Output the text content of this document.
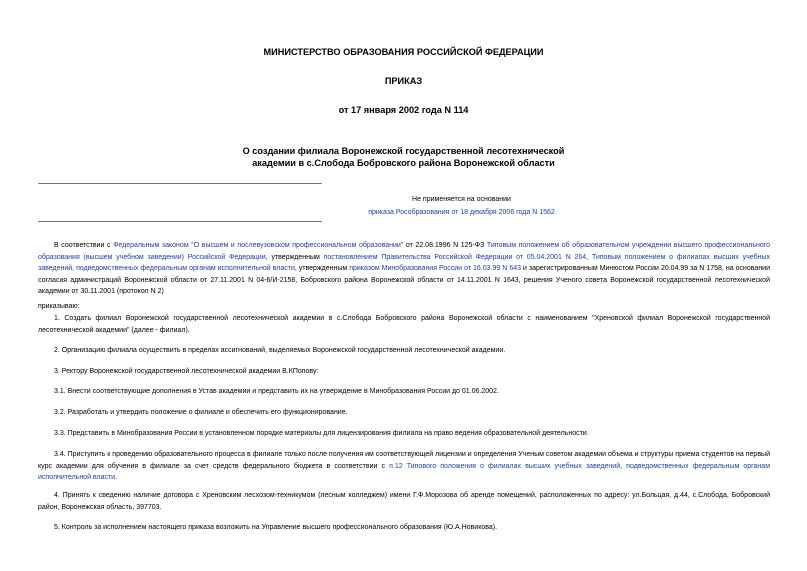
МИНИСТЕРСТВО ОБРАЗОВАНИЯ РОССИЙСКОЙ ФЕДЕРАЦИИ
ПРИКАЗ
от 17 января 2002 года N 114
О создании филиала Воронежской государственной лесотехнической
академии в с.Слобода Бобровского района Воронежской области
Не применяется на основании
приказа Рособразования от 18 декабря 2006 года N 1562
В соответствии с Федеральным законом "О высшем и послевузовском профессиональном образовании" от 22.08.1996 N 125-ФЗ Типовым положением об образовательном учреждении высшего профессионального образования (высшем учебном заведении) Российской Федерации, утвержденным постановлением Правительства Российской Федерации от 05.04.2001 N 264, Типовым положением о филиалах высших учебных заведений, подведомственных федеральным органам исполнительной власти, утвержденным приказом Минобразования России от 16.03.99 N 643 и зарегистрированным Минюстом России 20.04.99 за N 1758, на основании согласия администраций Воронежской области от 27.11.2001 N 04-6/И-2158, Бобровского района Воронежской области от 14.11.2001 N 1643, решения Ученого совета Воронежской государственной лесотехнической академии от 30.11.2001 (протокол N 2)
приказываю:
1. Создать филиал Воронежской государственной лесотехнической академии в с.Слобода Бобровского района Воронежской области с наименованием "Хреновской филиал Воронежской государственной лесотехнической академии" (далее - филиал).
2. Организацию филиала осуществить в пределах ассигнований, выделяемых Воронежской государственной лесотехнической академии.
3. Ректору Воронежской государственной лесотехнической академии В.КПопову:
3.1. Внести соответствующие дополнения в Устав академии и представить их на утверждение в Минобразования России до 01.06.2002.
3.2. Разработать и утвердить положение о филиале и обеспечить его функционирование.
3.3. Представить в Минобразования России в установленном порядке материалы для лицензирования филиала на право ведения образовательной деятельности.
3.4. Приступить к проведению образовательного процесса в филиале только после получения им соответствующей лицензии и определения Ученым советом академии объема и структуры приема студентов на первый курс академии для обучения в филиале за счет средств федерального бюджета в соответствии с п.12 Типового положения о филиалах высших учебных заведений, подведомственных федеральным органам исполнительной власти.
4. Принять к сведению наличие договора с Хреновским лесхозом-техникумом (лесным колледжем) имени Г.Ф.Морозова об аренде помещений, расположенных по адресу: ул.Больцая, д.44, с.Слобода, Бобровский район, Воронежская область, 397703.
5. Контроль за исполнением настоящего приказа возложить на Управление высшего профессионального образования (Ю.А.Новикова).
